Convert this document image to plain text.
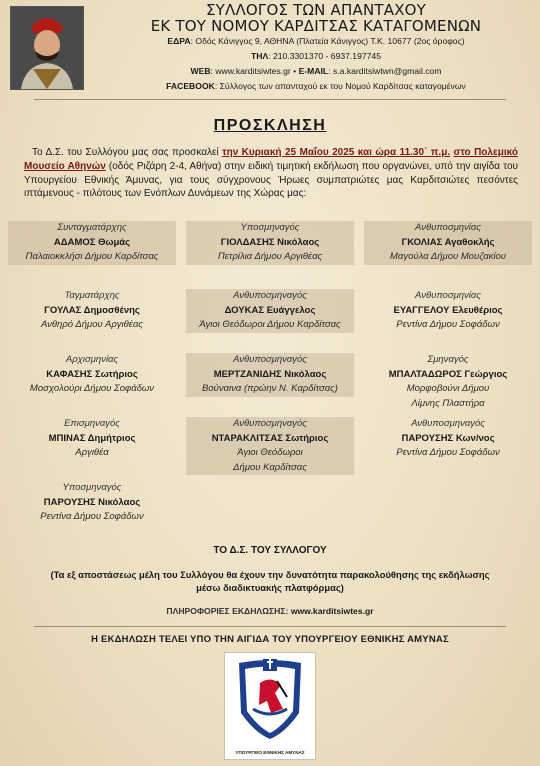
ΣΥΛΛΟΓΟΣ ΤΩΝ ΑΠΑΝΤΑΧΟΥ
ΕΚ ΤΟΥ ΝΟΜΟΥ ΚΑΡΔΙΤΣΑΣ ΚΑΤΑΓΟΜΕΝΩΝ
ΕΔΡΑ: Οδός Κάνιγγος 9, ΑΘΗΝΑ (Πλατεία Κάνιγγος) Τ.Κ. 10677 (2ος όροφος)
ΤΗΛ: 210.3301370 - 6937.197745
WEB: www.karditsiwtes.gr • E-MAIL: s.a.karditsiwtwn@gmail.com
FACEBOOK: Σύλλογος των απανταχού εκ του Νομού Καρδίτσας καταγομένων
ΠΡΟΣΚΛΗΣΗ
Το Δ.Σ. του Συλλόγου μας σας προσκαλεί την Κυριακή 25 Μαΐου 2025 και ώρα 11.30΄ π.μ. στο Πολεμικό Μουσείο Αθηνών (οδός Ριζάρη 2-4, Αθήνα) στην ειδική τιμητική εκδήλωση που οργανώνει, υπό την αιγίδα του Υπουργείου Εθνικής Άμυνας, για τους σύγχρονους Ήρωες συμπατριώτες μας Καρδιτσιώτες πεσόντες ιπτάμενους - πιλότους των Ενόπλων Δυνάμεων της Χώρας μας:
Συνταγματάρχης
ΑΔΑΜΟΣ Θωμάς
Παλαιοκκλήσι Δήμου Καρδίτσας
Υποσμηναγός
ΓΙΟΛΔΑΣΗΣ Νικόλαος
Πετρίλια Δήμου Αργιθέας
Ανθυποσμηνίας
ΓΚΟΛΙΑΣ Αγαθοκλής
Μαγούλα Δήμου Μουζακίου
Ταγματάρχης
ΓΟΥΛΑΣ Δημοσθένης
Ανθηρό Δήμου Αργιθέας
Ανθυποσμηναγός
ΔΟΥΚΑΣ Ευάγγελος
Άγιοι Θεόδωροι Δήμου Καρδίτσας
Ανθυποσμηνίας
ΕΥΑΓΓΕΛΟΥ Ελευθέριος
Ρεντίνα Δήμου Σοφάδων
Αρχισμηνίας
ΚΑΦΑΣΗΣ Σωτήριος
Μοσχολούρι Δήμου Σοφάδων
Ανθυποσμηναγός
ΜΕΡΤΖΑΝΙΔΗΣ Νικόλαος
Βούναινα (πρώην Ν. Καρδίτσας)
Σμηναγός
ΜΠΑΛΤΑΔΩΡΟΣ Γεώργιος
Μορφοβούνι Δήμου
Λίμνης Πλαστήρα
Επισμηναγός
ΜΠΙΝΑΣ Δημήτριος
Αργιθέα
Ανθυποσμηναγός
ΝΤΑΡΑΚΛΙΤΣΑΣ Σωτήριος
Άγιοι Θεόδωροι
Δήμου Καρδίτσας
Ανθυποσμηναγός
ΠΑΡΟΥΣΗΣ Κων/νος
Ρεντίνα Δήμου Σοφάδων
Υποσμηναγός
ΠΑΡΟΥΣΗΣ Νικόλαος
Ρεντίνα Δήμου Σοφάδων
ΤΟ Δ.Σ. ΤΟΥ ΣΥΛΛΟΓΟΥ
(Τα εξ αποστάσεως μέλη του Συλλόγου θα έχουν την δυνατότητα παρακολούθησης της εκδήλωσης
μέσω διαδικτυακής πλατφόρμας)
ΠΛΗΡΟΦΟΡΙΕΣ ΕΚΔΗΛΩΣΗΣ: www.karditsiwtes.gr
Η ΕΚΔΗΛΩΣΗ ΤΕΛΕΙ ΥΠΟ ΤΗΝ ΑΙΓΙΔΑ ΤΟΥ ΥΠΟΥΡΓΕΙΟΥ ΕΘΝΙΚΗΣ ΑΜΥΝΑΣ
ΥΠΟΥΡΓΕΙΟ ΕΘΝΙΚΗΣ ΑΜΥΝΑΣ
